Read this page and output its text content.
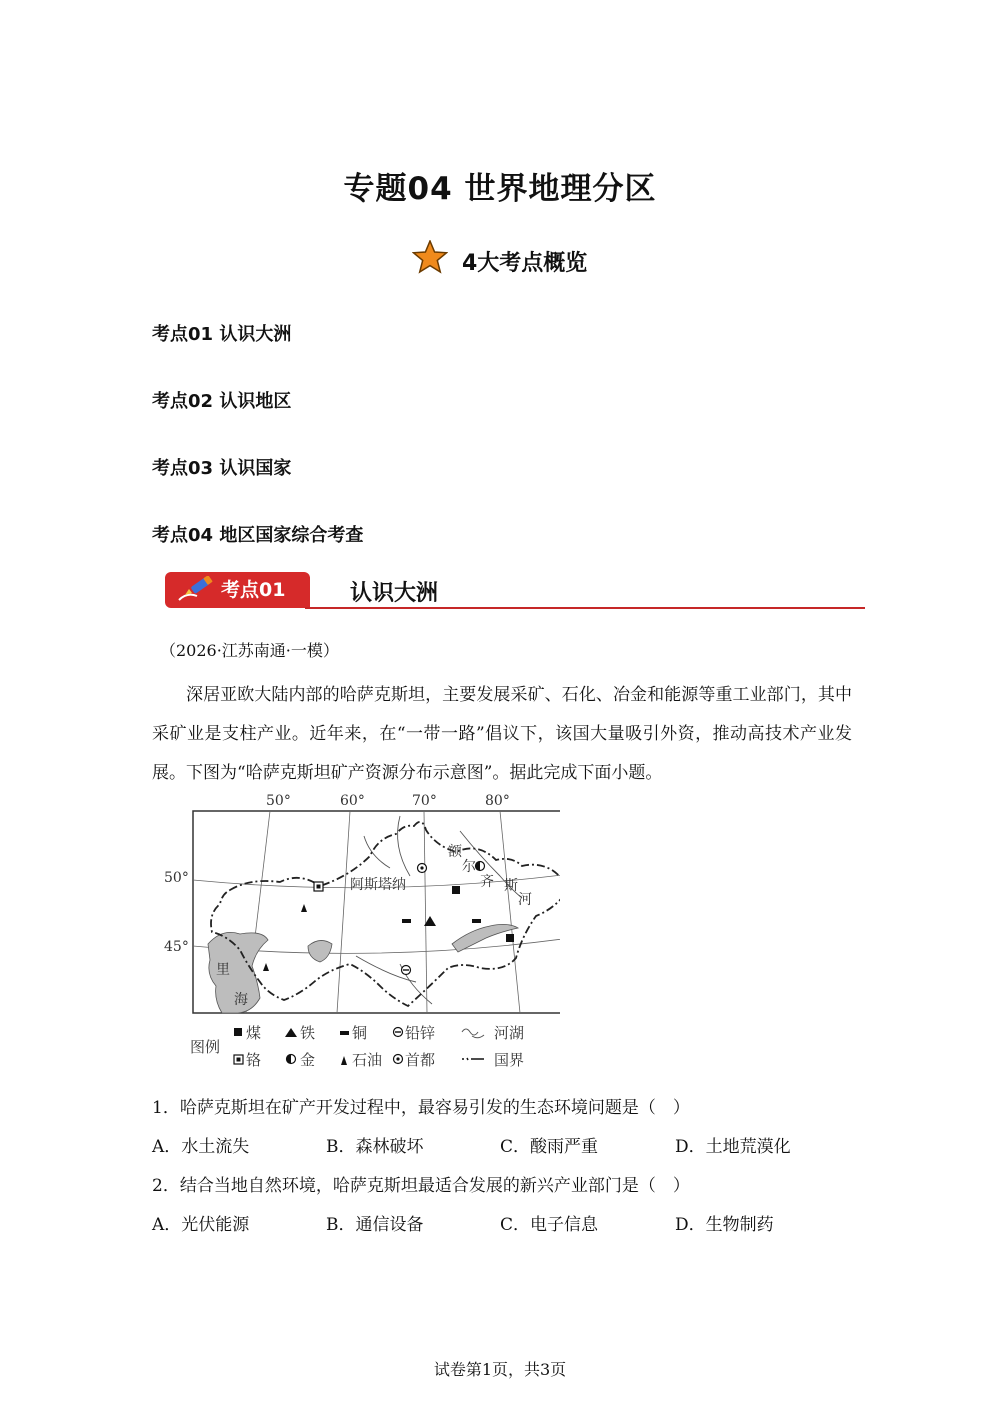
专题04 世界地理分区
4大考点概览
考点01 认识大洲
考点02 认识地区
考点03 认识国家
考点04 地区国家综合考查
考点01	认识大洲
（2026·江苏南通·一模）
深居亚欧大陆内部的哈萨克斯坦，主要发展采矿、石化、冶金和能源等重工业部门，其中采矿业是支柱产业。近年来，在“一带一路”倡议下，该国大量吸引外资，推动高技术产业发展。下图为“哈萨克斯坦矿产资源分布示意图”。据此完成下面小题。
50°	60°	70°	80°
50°
45°
阿斯塔纳
里
海
额
尔
齐 斯
河
图例
煤	铁 铜	铅锌	河湖
铬	金 石油 首都	国界
1．哈萨克斯坦在矿产开发过程中，最容易引发的生态环境问题是（　）
A．水土流失	B．森林破坏	C．酸雨严重	D．土地荒漠化
2．结合当地自然环境，哈萨克斯坦最适合发展的新兴产业部门是（　）
A．光伏能源	B．通信设备	C．电子信息	D．生物制药
试卷第1页，共3页
